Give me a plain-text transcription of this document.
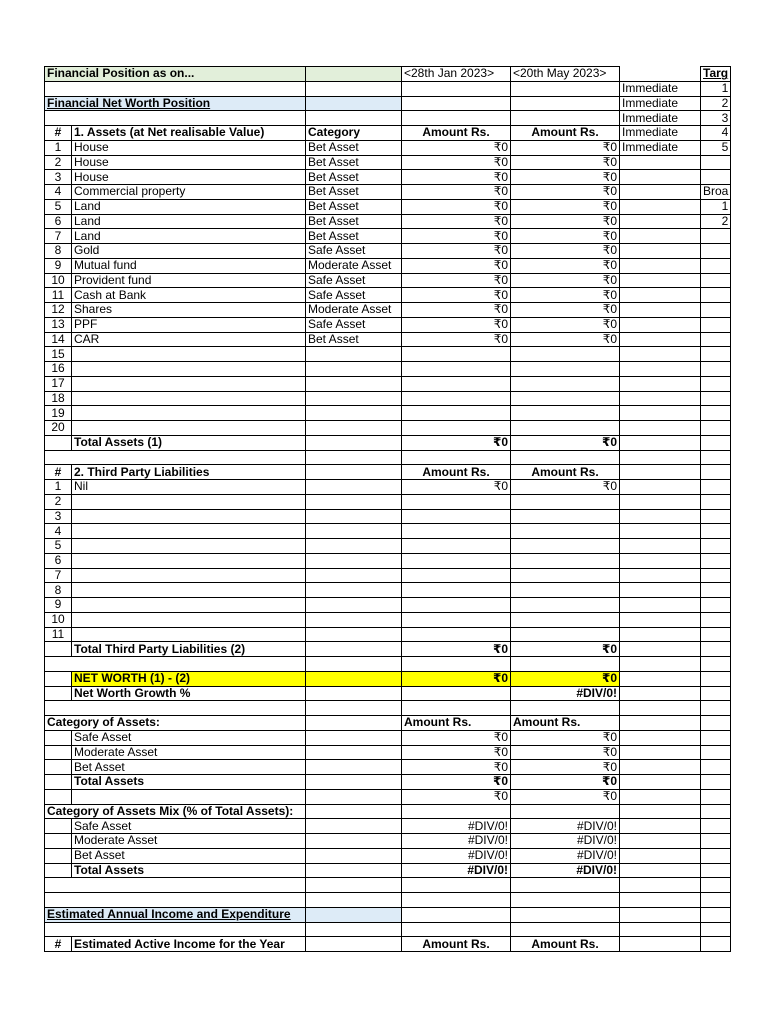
Financial Position as on...			<28th Jan 2023>	<20th May 2023>		Targ
					Immediate	1
Financial Net Worth Position					Immediate	2
					Immediate	3
#	1. Assets (at Net realisable Value)	Category	Amount Rs.	Amount Rs.	Immediate	4
1	House	Bet Asset	₹0	₹0	Immediate	5
2	House	Bet Asset	₹0	₹0		
3	House	Bet Asset	₹0	₹0		
4	Commercial property	Bet Asset	₹0	₹0		Broa
5	Land	Bet Asset	₹0	₹0		1
6	Land	Bet Asset	₹0	₹0		2
7	Land	Bet Asset	₹0	₹0		
8	Gold	Safe Asset	₹0	₹0		
9	Mutual fund	Moderate Asset	₹0	₹0		
10	Provident fund	Safe Asset	₹0	₹0		
11	Cash at Bank	Safe Asset	₹0	₹0		
12	Shares	Moderate Asset	₹0	₹0		
13	PPF	Safe Asset	₹0	₹0		
14	CAR	Bet Asset	₹0	₹0		
15						
16						
17						
18						
19						
20						
	Total Assets (1)		₹0	₹0		

#	2. Third Party Liabilities		Amount Rs.	Amount Rs.		
1	Nil		₹0	₹0		
2						
3						
4						
5						
6						
7						
8						
9						
10						
11						
	Total Third Party Liabilities (2)		₹0	₹0		

	NET WORTH (1) - (2)		₹0	₹0		
	Net Worth Growth %			#DIV/0!		

Category of Assets:			Amount Rs.	Amount Rs.		
	Safe Asset		₹0	₹0		
	Moderate Asset		₹0	₹0		
	Bet Asset		₹0	₹0		
	Total Assets		₹0	₹0		
			₹0	₹0		
Category of Assets Mix (% of Total Assets):						
	Safe Asset		#DIV/0!	#DIV/0!		
	Moderate Asset		#DIV/0!	#DIV/0!		
	Bet Asset		#DIV/0!	#DIV/0!		
	Total Assets		#DIV/0!	#DIV/0!		

Estimated Annual Income and Expenditure						

#	Estimated Active Income for the Year		Amount Rs.	Amount Rs.		
